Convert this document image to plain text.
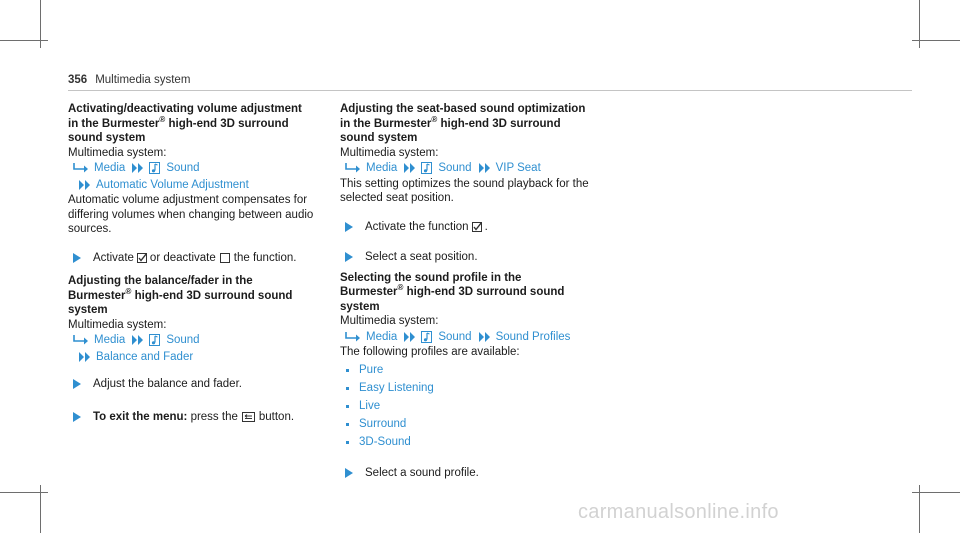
356 Multimedia system
Activating/deactivating volume adjustment
in the Burmester® high-end 3D surround
sound system
Multimedia system:
Media	Sound
Automatic Volume Adjustment
Automatic volume adjustment compensates for
differing volumes when changing between audio
sources.
Activate or deactivate the function.
Adjusting the balance/fader in the
Burmester® high-end 3D surround sound
system
Multimedia system:
Media	Sound
Balance and Fader
Adjust the balance and fader.
To exit the menu:
press the button.
Adjusting the seat-based sound optimization
in the Burmester® high-end 3D surround
sound system
Multimedia system:
Media	Sound VIP Seat
This setting optimizes the sound playback for the
selected seat position.
Activate the function .
Select a seat position.
Selecting the sound profile in the
Burmester® high-end 3D surround sound
system
Multimedia system:
Media	Sound Sound Profiles
The following profiles are available:
Pure
Easy Listening
Live
Surround
3D-Sound
Select a sound profile.
carmanualsonline.info
